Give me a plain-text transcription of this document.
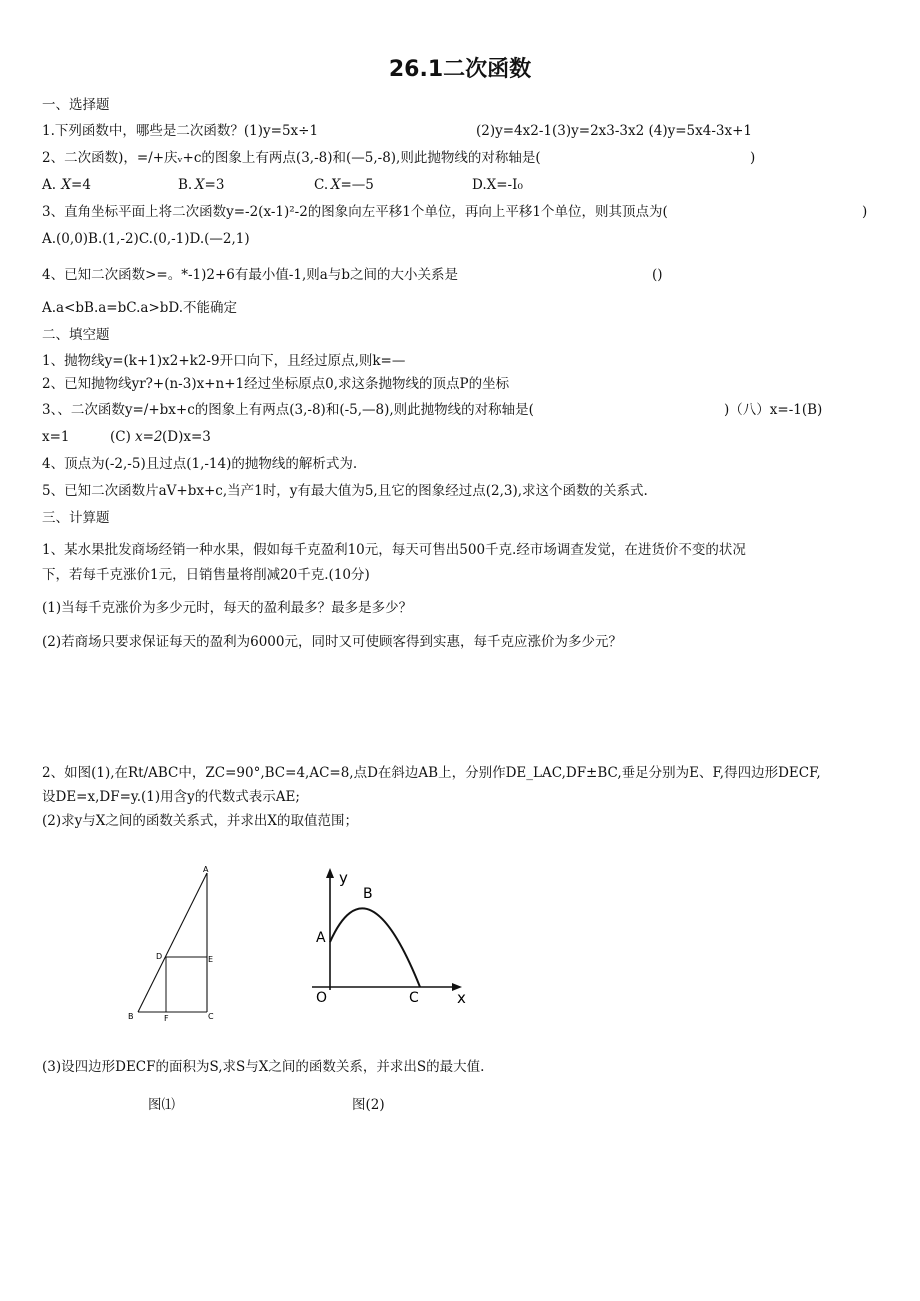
26.1二次函数
一、选择题
1.下列函数中，哪些是二次函数？(1)y=5x÷1	(2)y=4x2-1(3)y=2x3-3x2 (4)y=5x4-3x+1
2、二次函数)，=/+庆ᵥ+c的图象上有两点(3,-8)和(—5,-8),则此抛物线的对称轴是(	)
A.  𝑋=4	B. 𝑋=3	C. 𝑋=—5	D.X=-I₀
3、直角坐标平面上将二次函数y=-2(x-1)²-2的图象向左平移1个单位，再向上平移1个单位，则其顶点为(	)
A.(0,0)B.(1,-2)C.(0,-1)D.(—2,1)
4、已知二次函数>=。*-1)2+6有最小值-1,则a与b之间的大小关系是	()
A.a<bB.a=bC.a>bD.不能确定
二、填空题
1、抛物线y=(k+1)x2+k2-9开口向下，且经过原点,则k=—
2、已知抛物线yr?+(n-3)x+n+1经过坐标原点0,求这条抛物线的顶点P的坐标
3、、二次函数y=/+bx+c的图象上有两点(3,-8)和(-5,—8),则此抛物线的对称轴是(	)（八）x=-1(B)
x=1	(C) x=2 (D)x=3
4、顶点为(-2,-5)且过点(1,-14)的抛物线的解析式为.
5、已知二次函数片aV+bx+c,当产1时，y有最大值为5,且它的图象经过点(2,3),求这个函数的关系式.
三、计算题
1、某水果批发商场经销一种水果，假如每千克盈利10元，每天可售出500千克.经市场调查发觉，在进货价不变的状况
下，若每千克涨价1元，日销售量将削减20千克.(10分)
(1)当每千克涨价为多少元时，每天的盈利最多？最多是多少？
(2)若商场只要求保证每天的盈利为6000元，同时又可使顾客得到实惠，每千克应涨价为多少元？
2、如图(1),在Rt/ABC中，ZC=90°,BC=4,AC=8,点D在斜边AB上，分别作DE_LAC,DF±BC,垂足分别为E、F,得四边形DECF,
设DE=x,DF=y.(1)用含y的代数式表示AE;
(2)求y与X之间的函数关系式，并求出X的取值范围；
A
B	C
D	E
F
y
x
O
A
B
C
(3)设四边形DECF的面积为S,求S与X之间的函数关系，并求出S的最大值.
图⑴	图(2)
